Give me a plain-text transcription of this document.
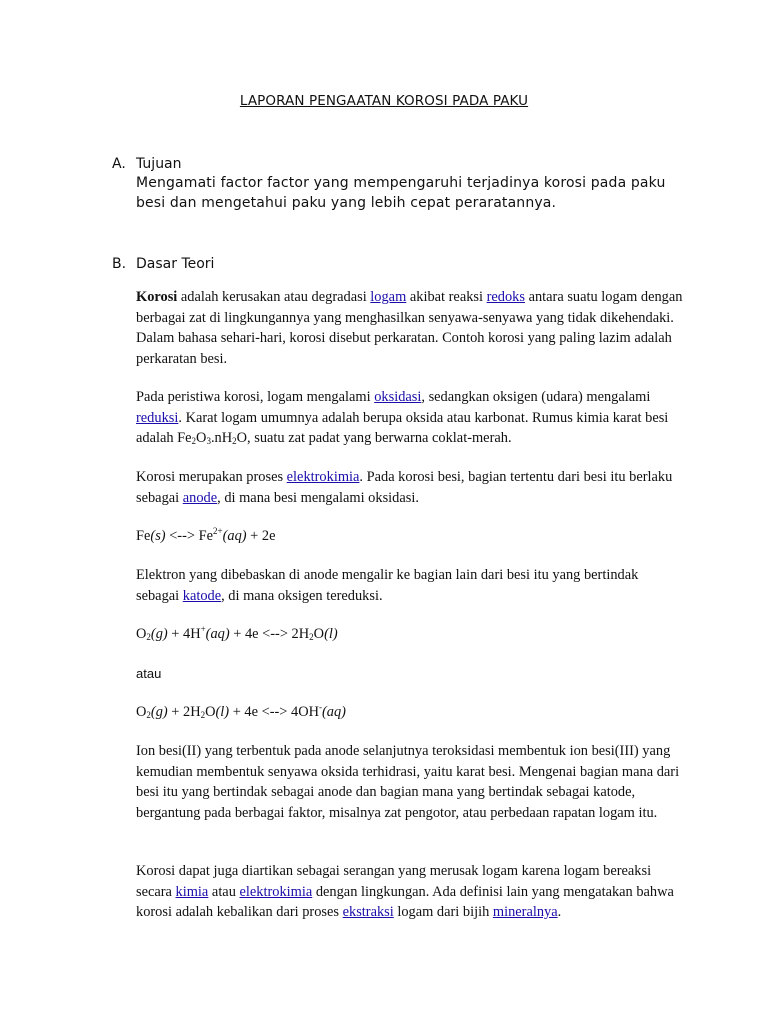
LAPORAN PENGAATAN KOROSI PADA PAKU
A. Tujuan
Mengamati factor factor yang mempengaruhi terjadinya korosi pada paku besi dan mengetahui paku yang lebih cepat peraratannya.
B. Dasar Teori

Korosi adalah kerusakan atau degradasi logam akibat reaksi redoks antara suatu logam dengan berbagai zat di lingkungannya yang menghasilkan senyawa-senyawa yang tidak dikehendaki. Dalam bahasa sehari-hari, korosi disebut perkaratan. Contoh korosi yang paling lazim adalah perkaratan besi.

Pada peristiwa korosi, logam mengalami oksidasi, sedangkan oksigen (udara) mengalami reduksi. Karat logam umumnya adalah berupa oksida atau karbonat. Rumus kimia karat besi adalah $Fe_2O_3.nH_2O$, suatu zat padat yang berwarna coklat-merah.

Korosi merupakan proses elektrokimia. Pada korosi besi, bagian tertentu dari besi itu berlaku sebagai anode, di mana besi mengalami oksidasi.

Fe(s) <--> $Fe^{2+}(aq) + 2e$

Elektron yang dibebaskan di anode mengalir ke bagian lain dari besi itu yang bertindak sebagai katode, di mana oksigen tereduksi.

$O_2(g) + 4H^+(aq) + 4e$ <--> $2H_2O(l)$

atau

$O_2(g) + 2H_2O(l) + 4e$ <--> 4OH-(aq)

Ion besi(II) yang terbentuk pada anode selanjutnya teroksidasi membentuk ion besi(III) yang kemudian membentuk senyawa oksida terhidrasi, yaitu karat besi. Mengenai bagian mana dari besi itu yang bertindak sebagai anode dan bagian mana yang bertindak sebagai katode, bergantung pada berbagai faktor, misalnya zat pengotor, atau perbedaan rapatan logam itu.

Korosi dapat juga diartikan sebagai serangan yang merusak logam karena logam bereaksi secara kimia atau elektrokimia dengan lingkungan. Ada definisi lain yang mengatakan bahwa korosi adalah kebalikan dari proses ekstraksi logam dari bijih mineralnya.
